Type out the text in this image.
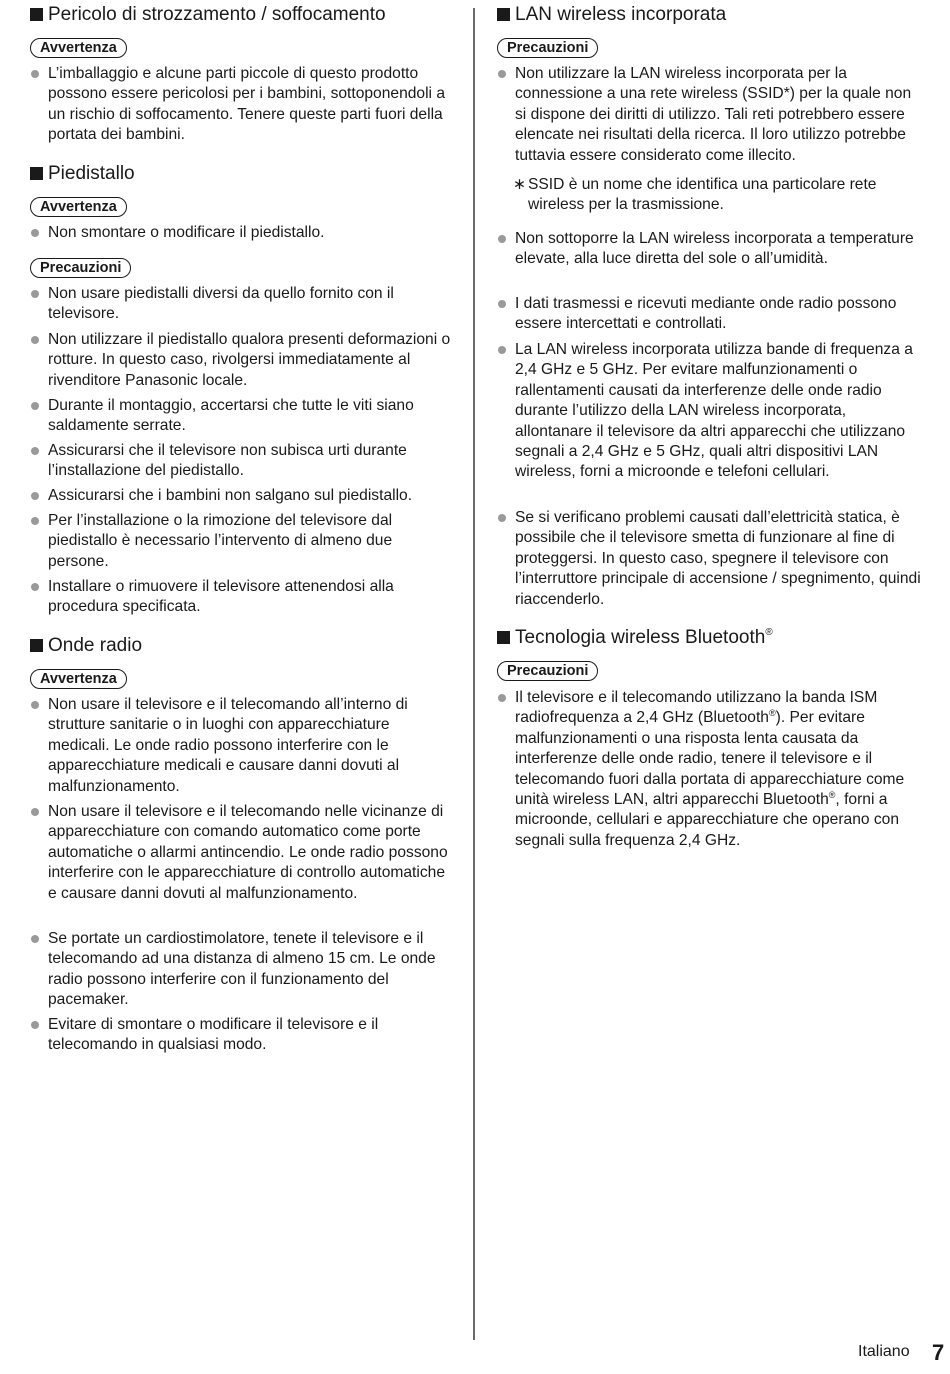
Pericolo di strozzamento / soffocamento
Avvertenza
L’imballaggio e alcune parti piccole di questo prodotto possono essere pericolosi per i bambini, sottoponendoli a un rischio di soffocamento. Tenere queste parti fuori della portata dei bambini.
Piedistallo
Avvertenza
Non smontare o modificare il piedistallo.
Precauzioni
Non usare piedistalli diversi da quello fornito con il televisore.
Non utilizzare il piedistallo qualora presenti deformazioni o rotture. In questo caso, rivolgersi immediatamente al rivenditore Panasonic locale.
Durante il montaggio, accertarsi che tutte le viti siano saldamente serrate.
Assicurarsi che il televisore non subisca urti durante l’installazione del piedistallo.
Assicurarsi che i bambini non salgano sul piedistallo.
Per l’installazione o la rimozione del televisore dal piedistallo è necessario l’intervento di almeno due persone.
Installare o rimuovere il televisore attenendosi alla procedura specificata.
Onde radio
Avvertenza
Non usare il televisore e il telecomando all’interno di strutture sanitarie o in luoghi con apparecchiature medicali. Le onde radio possono interferire con le apparecchiature medicali e causare danni dovuti al malfunzionamento.
Non usare il televisore e il telecomando nelle vicinanze di apparecchiature con comando automatico come porte automatiche o allarmi antincendio. Le onde radio possono interferire con le apparecchiature di controllo automatiche e causare danni dovuti al malfunzionamento.
Se portate un cardiostimolatore, tenete il televisore e il telecomando ad una distanza di almeno 15 cm. Le onde radio possono interferire con il funzionamento del pacemaker.
Evitare di smontare o modificare il televisore e il telecomando in qualsiasi modo.
LAN wireless incorporata
Precauzioni
Non utilizzare la LAN wireless incorporata per la connessione a una rete wireless (SSID*) per la quale non si dispone dei diritti di utilizzo. Tali reti potrebbero essere elencate nei risultati della ricerca. Il loro utilizzo potrebbe tuttavia essere considerato come illecito.
∗ SSID è un nome che identifica una particolare rete wireless per la trasmissione.
Non sottoporre la LAN wireless incorporata a temperature elevate, alla luce diretta del sole o all’umidità.
I dati trasmessi e ricevuti mediante onde radio possono essere intercettati e controllati.
La LAN wireless incorporata utilizza bande di frequenza a 2,4 GHz e 5 GHz. Per evitare malfunzionamenti o rallentamenti causati da interferenze delle onde radio durante l’utilizzo della LAN wireless incorporata, allontanare il televisore da altri apparecchi che utilizzano segnali a 2,4 GHz e 5 GHz, quali altri dispositivi LAN wireless, forni a microonde e telefoni cellulari.
Se si verificano problemi causati dall’elettricità statica, è possibile che il televisore smetta di funzionare al fine di proteggersi. In questo caso, spegnere il televisore con l’interruttore principale di accensione / spegnimento, quindi riaccenderlo.
Tecnologia wireless Bluetooth®
Precauzioni
Il televisore e il telecomando utilizzano la banda ISM radiofrequenza a 2,4 GHz (Bluetooth®). Per evitare malfunzionamenti o una risposta lenta causata da interferenze delle onde radio, tenere il televisore e il telecomando fuori dalla portata di apparecchiature come unità wireless LAN, altri apparecchi Bluetooth®, forni a microonde, cellulari e apparecchiature che operano con segnali sulla frequenza 2,4 GHz.
Italiano 7
